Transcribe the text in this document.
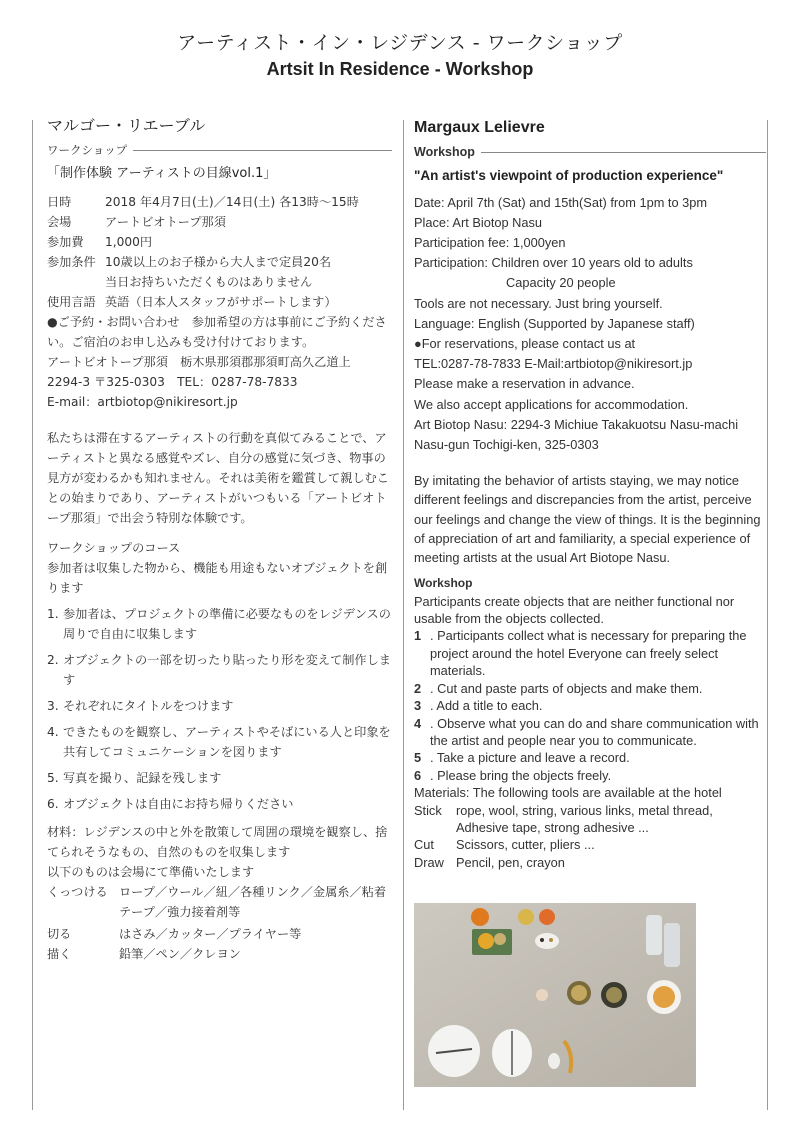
アーティスト・イン・レジデンス - ワークショップ
Artsit In Residence - Workshop
マルゴー・リエーブル
ワークショップ
「制作体験 アーティストの目線vol.1」
日時	2018 年4月7日(土)／14日(土) 各13時〜15時
会場	アートビオトープ那須
参加費	1,000円
参加条件 10歳以上のお子様から大人まで定員20名
当日お持ちいただくものはありません
使用言語 英語（日本人スタッフがサポートします）
●ご予約・お問い合わせ　参加希望の方は事前にご予約ください。ご宿泊のお申し込みも受け付けております。
アートビオトープ那須　栃木県那須郡那須町高久乙道上
2294-3 〒325-0303　TEL：0287-78-7833
E-mail：artbiotop@nikiresort.jp
私たちは滞在するアーティストの行動を真似てみることで、アーティストと異なる感覚やズレ、自分の感覚に気づき、物事の見方が変わるかも知れません。それは美術を鑑賞して親しむことの始まりであり、アーティストがいつもいる「アートビオトープ那須」で出会う特別な体験です。
ワークショップのコース
参加者は収集した物から、機能も用途もないオブジェクトを創ります
1. 参加者は、プロジェクトの準備に必要なものをレジデンスの周りで自由に収集します
2. オブジェクトの一部を切ったり貼ったり形を変えて制作します
3. それぞれにタイトルをつけます
4. できたものを観察し、アーティストやそばにいる人と印象を共有してコミュニケーションを図ります
5. 写真を撮り、記録を残します
6. オブジェクトは自由にお持ち帰りください
材料：レジデンスの中と外を散策して周囲の環境を観察し、捨てられそうなもの、自然のものを収集します
以下のものは会場にて準備いたします
くっつける ロープ／ウール／紐／各種リンク／金属糸／粘着テープ／強力接着剤等
切る	はさみ／カッター／プライヤー等
描く	鉛筆／ペン／クレヨン
Margaux Lelievre
Workshop
"An artist's viewpoint of production experience"
Date: April 7th (Sat) and 15th(Sat) from 1pm to 3pm
Place: Art Biotop Nasu
Participation fee: 1,000yen
Participation: Children over 10 years old to adults
Capacity 20 people
Tools are not necessary. Just bring yourself.
Language: English (Supported by Japanese staff)
●For reservations, please contact us at
TEL:0287-78-7833 E-Mail:artbiotop@nikiresort.jp
Please make a reservation in advance.
We also accept applications for accommodation.
Art Biotop Nasu: 2294-3 Michiue Takakuotsu Nasu-machi Nasu-gun Tochigi-ken, 325-0303
By imitating the behavior of artists staying, we may notice different feelings and discrepancies from the artist, perceive our feelings and change the view of things. It is the beginning of appreciation of art and familiarity, a special experience of meeting artists at the usual Art Biotope Nasu.
Workshop
Participants create objects that are neither functional nor usable from the objects collected.
1 . Participants collect what is necessary for preparing the project around the hotel Everyone can freely select materials.
2 . Cut and paste parts of objects and make them.
3 . Add a title to each.
4 . Observe what you can do and share communication with the artist and people near you to communicate.
5 . Take a picture and leave a record.
6 . Please bring the objects freely.
Materials: The following tools are available at the hotel
Stick	rope, wool, string, various links, metal thread, Adhesive tape, strong adhesive ...
Cut	Scissors, cutter, pliers ...
Draw Pencil, pen, crayon
